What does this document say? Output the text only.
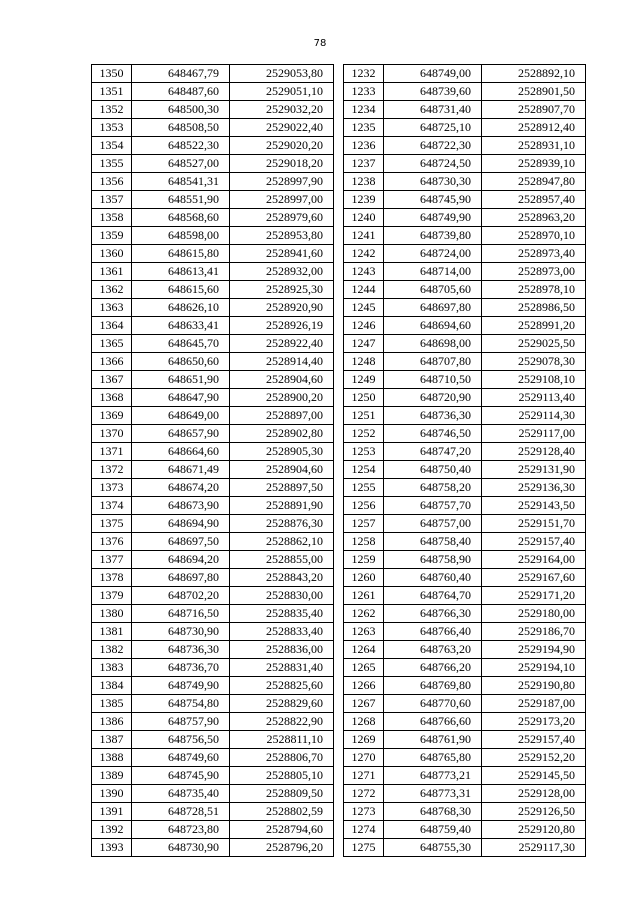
78
1350	648467,79	2529053,80
1351	648487,60	2529051,10
1352	648500,30	2529032,20
1353	648508,50	2529022,40
1354	648522,30	2529020,20
1355	648527,00	2529018,20
1356	648541,31	2528997,90
1357	648551,90	2528997,00
1358	648568,60	2528979,60
1359	648598,00	2528953,80
1360	648615,80	2528941,60
1361	648613,41	2528932,00
1362	648615,60	2528925,30
1363	648626,10	2528920,90
1364	648633,41	2528926,19
1365	648645,70	2528922,40
1366	648650,60	2528914,40
1367	648651,90	2528904,60
1368	648647,90	2528900,20
1369	648649,00	2528897,00
1370	648657,90	2528902,80
1371	648664,60	2528905,30
1372	648671,49	2528904,60
1373	648674,20	2528897,50
1374	648673,90	2528891,90
1375	648694,90	2528876,30
1376	648697,50	2528862,10
1377	648694,20	2528855,00
1378	648697,80	2528843,20
1379	648702,20	2528830,00
1380	648716,50	2528835,40
1381	648730,90	2528833,40
1382	648736,30	2528836,00
1383	648736,70	2528831,40
1384	648749,90	2528825,60
1385	648754,80	2528829,60
1386	648757,90	2528822,90
1387	648756,50	2528811,10
1388	648749,60	2528806,70
1389	648745,90	2528805,10
1390	648735,40	2528809,50
1391	648728,51	2528802,59
1392	648723,80	2528794,60
1393	648730,90	2528796,20
1232	648749,00	2528892,10
1233	648739,60	2528901,50
1234	648731,40	2528907,70
1235	648725,10	2528912,40
1236	648722,30	2528931,10
1237	648724,50	2528939,10
1238	648730,30	2528947,80
1239	648745,90	2528957,40
1240	648749,90	2528963,20
1241	648739,80	2528970,10
1242	648724,00	2528973,40
1243	648714,00	2528973,00
1244	648705,60	2528978,10
1245	648697,80	2528986,50
1246	648694,60	2528991,20
1247	648698,00	2529025,50
1248	648707,80	2529078,30
1249	648710,50	2529108,10
1250	648720,90	2529113,40
1251	648736,30	2529114,30
1252	648746,50	2529117,00
1253	648747,20	2529128,40
1254	648750,40	2529131,90
1255	648758,20	2529136,30
1256	648757,70	2529143,50
1257	648757,00	2529151,70
1258	648758,40	2529157,40
1259	648758,90	2529164,00
1260	648760,40	2529167,60
1261	648764,70	2529171,20
1262	648766,30	2529180,00
1263	648766,40	2529186,70
1264	648763,20	2529194,90
1265	648766,20	2529194,10
1266	648769,80	2529190,80
1267	648770,60	2529187,00
1268	648766,60	2529173,20
1269	648761,90	2529157,40
1270	648765,80	2529152,20
1271	648773,21	2529145,50
1272	648773,31	2529128,00
1273	648768,30	2529126,50
1274	648759,40	2529120,80
1275	648755,30	2529117,30
